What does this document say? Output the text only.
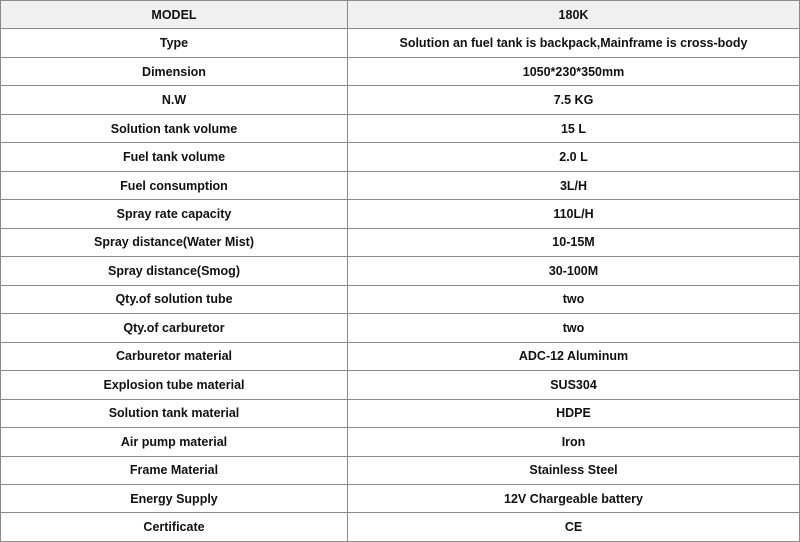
MODEL	180K
Type	Solution an fuel tank is backpack,Mainframe is cross-body
Dimension	1050*230*350mm
N.W	7.5 KG
Solution tank volume	15 L
Fuel tank volume	2.0 L
Fuel consumption	3L/H
Spray rate capacity	110L/H
Spray distance(Water Mist)	10-15M
Spray distance(Smog)	30-100M
Qty.of solution tube	two
Qty.of carburetor	two
Carburetor material	ADC-12 Aluminum
Explosion tube material	SUS304
Solution tank material	HDPE
Air pump material	Iron
Frame Material	Stainless Steel
Energy Supply	12V Chargeable battery
Certificate	CE
